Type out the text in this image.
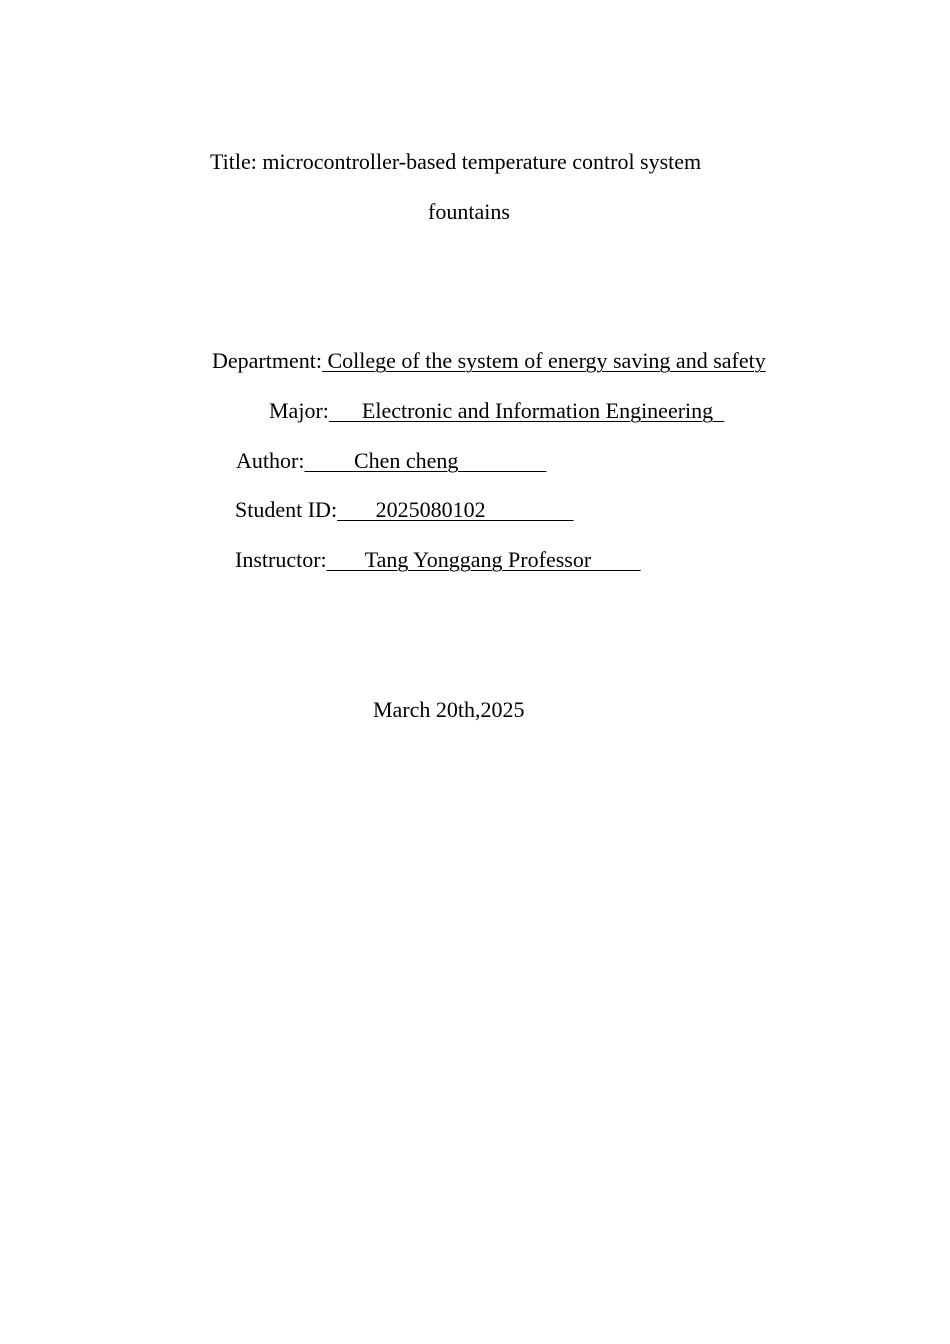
Title: microcontroller-based temperature control system
fountains
Department: College of the system of energy saving and safety
Major:      Electronic and Information Engineering
Author:         Chen cheng
Student ID:       2025080102
Instructor:       Tang Yonggang Professor
March 20th,2025
